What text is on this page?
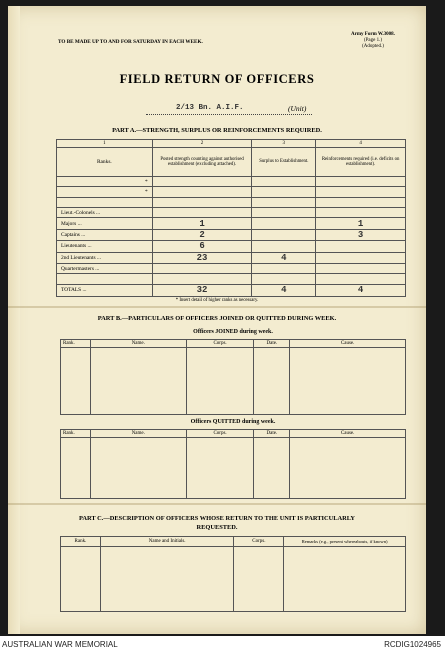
TO BE MADE UP TO AND FOR SATURDAY IN EACH WEEK.
Army Form W.3008.
(Page 1.)
(Adopted.)
FIELD RETURN OF OFFICERS
2/13 Bn. A.I.F.	(Unit)
PART A.—STRENGTH, SURPLUS OR REINFORCEMENTS REQUIRED.
1	2	3	4
Ranks.	Posted strength counting against authorised establishment (excluding attached).	Surplus to Establishment.	Reinforcements required (i.e. deficits on establishment).
*			
*			

Lieut.-Colonels ...			
Majors ...	1		1
Captains ...	2		3
Lieutenants ...	6		
2nd Lieutenants ...	23	4	
Quartermasters ...			

TOTALS ...	32	4	4
* Insert detail of higher ranks as necessary.
PART B.—PARTICULARS OF OFFICERS JOINED OR QUITTED DURING WEEK.
Officers JOINED during week.
Rank.	Name.	Corps.	Date.	Cause.

Officers QUITTED during week.
Rank.	Name.	Corps.	Date.	Cause.

PART C.—DESCRIPTION OF OFFICERS WHOSE RETURN TO THE UNIT IS PARTICULARLY
REQUESTED.
Rank.	Name and Initials.	Corps.	Remarks (e.g., present whereabouts, if known)

AUSTRALIAN WAR MEMORIAL	RCDIG1024965
